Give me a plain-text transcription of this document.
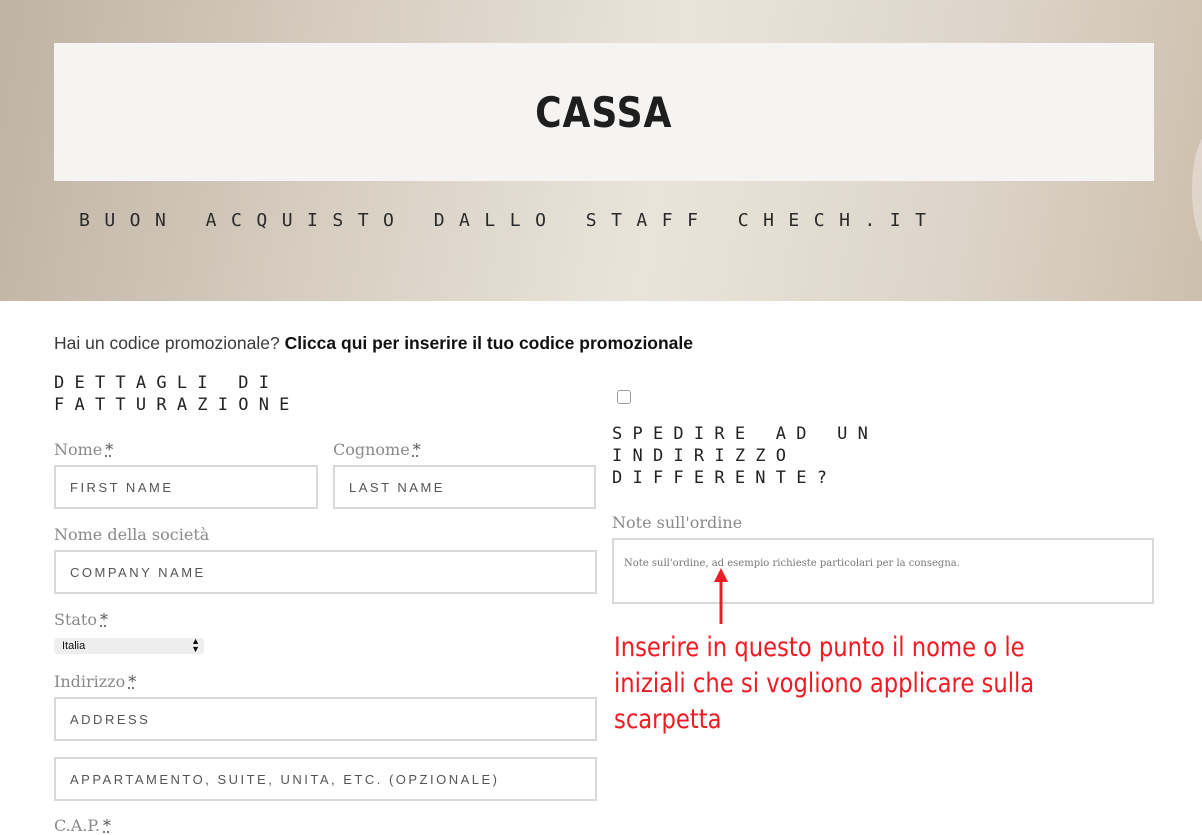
CASSA
BUON ACQUISTO DALLO STAFF CHECH.IT
Hai un codice promozionale? Clicca qui per inserire il tuo codice promozionale
D E T T A G L I   D I
F A T T U R A Z I O N E
Nome *
FIRST NAME	Cognome *
LAST NAME
Nome della società
COMPANY NAME
Stato *
Italia	▲
▼
Indirizzo *
ADDRESS
APPARTAMENTO, SUITE, UNITA, ETC. (OPZIONALE)
C.A.P. *
S P E D I R E   A D   U N
I N D I R I Z Z O
D I F F E R E N T E ?
Note sull'ordine
Note sull'ordine, ad esempio richieste particolari per la consegna.
Inserire in questo punto il nome o le iniziali che si vogliono applicare sulla scarpetta
